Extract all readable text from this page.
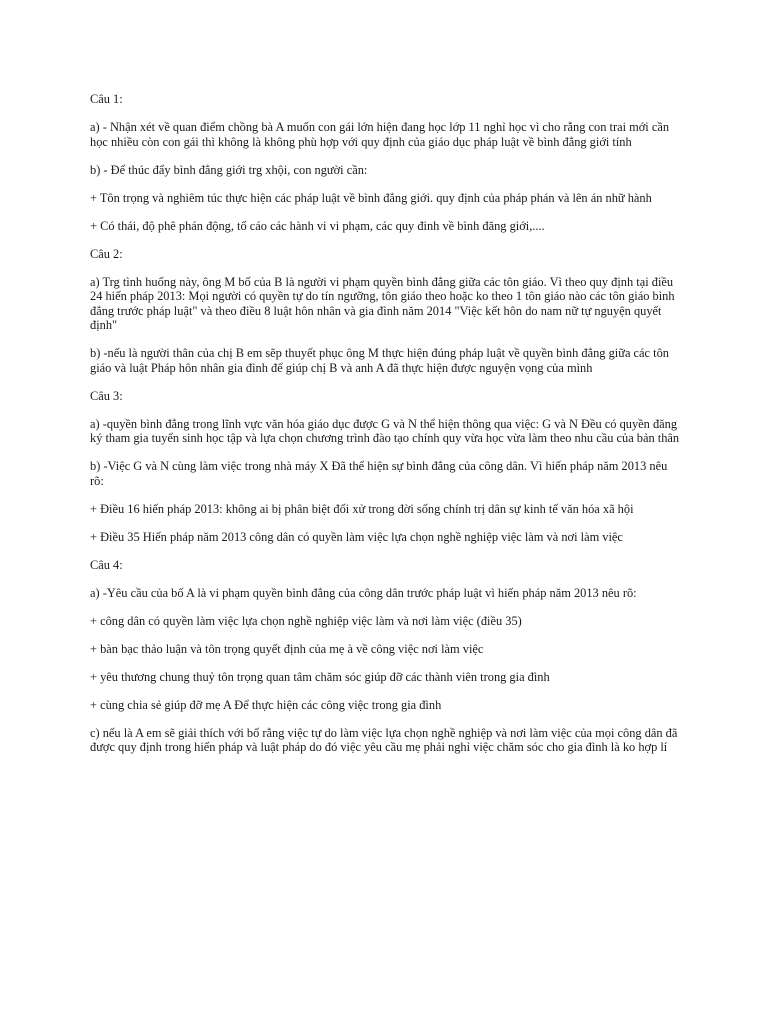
Câu 1:

a) - Nhận xét về quan điểm chồng bà A muốn con gái lớn hiện đang học lớp 11 nghỉ học vì cho rằng con trai mới cần học nhiều còn con gái thì không là không phù hợp với quy định của giáo dục pháp luật về bình đẳng giới tính

b) - Để thúc đẩy bình đẳng giới trg xhội, con người cần:

+ Tôn trọng và nghiêm túc thực hiện các pháp luật về bình đẳng giới. quy định của pháp phán và lên án nhữ hành

+ Có thái, độ phê phán động, tố cáo các hành vi vi phạm, các quy đinh về bình đăng giới,....

Câu 2:

a) Trg tình huống này, ông M bố của B là người vi phạm quyền bình đẳng giữa các tôn giáo. Vì theo quy định tại điều 24 hiến pháp 2013: Mọi người có quyền tự do tín ngưỡng, tôn giáo theo hoặc ko theo 1 tôn giáo nào các tôn giáo bình đẳng trước pháp luật" và theo điều 8 luật hôn nhân và gia đình năm 2014 "Việc kết hôn do nam nữ tự nguyện quyết định"

b) -nếu là người thân của chị B em sẽp thuyết phục ông M thực hiện đúng pháp luật về quyền bình đẳng giữa các tôn giáo và luật Pháp hôn nhân gia đình để giúp chị B và anh A đã thực hiện được nguyện vọng của mình

Câu 3:

a) -quyền bình đẳng trong lĩnh vực văn hóa giáo dục được G và N thể hiện thông qua việc: G và N Đều có quyền đăng ký tham gia tuyển sinh học tập và lựa chọn chương trình đào tạo chính quy vừa học vừa làm theo nhu cầu của bản thân

b) -Việc G và N cùng làm việc trong nhà máy X Đã thể hiện sự bình đẳng của công dân. Vì hiến pháp năm 2013 nêu rõ:

+ Điều 16 hiến pháp 2013: không ai bị phân biệt đối xử trong đời sống chính trị dân sự kinh tế văn hóa xã hội

+ Điều 35 Hiến pháp năm 2013 công dân có quyền làm việc lựa chọn nghề nghiệp việc làm và nơi làm việc

Câu 4:

a) -Yêu cầu của bố A là vi phạm quyền bình đẳng của công dân trước pháp luật vì hiến pháp năm 2013 nêu rõ:

+ công dân có quyền làm việc lựa chọn nghề nghiệp việc làm và nơi làm việc (điều 35)

+ bàn bạc thảo luận và tôn trọng quyết định của mẹ à về công việc nơi làm việc

+ yêu thương chung thuỷ tôn trọng quan tâm chăm sóc giúp đỡ các thành viên trong gia đình

+ cùng chia sẻ giúp đỡ mẹ A Để thực hiện các công việc trong gia đình

c) nếu là A em sẽ giải thích với bố rằng việc tự do làm việc lựa chọn nghề nghiệp và nơi làm việc của mọi công dân đã được quy định trong hiến pháp và luật pháp do đó việc yêu cầu mẹ phải nghỉ việc chăm sóc cho gia đình là ko hợp lí
